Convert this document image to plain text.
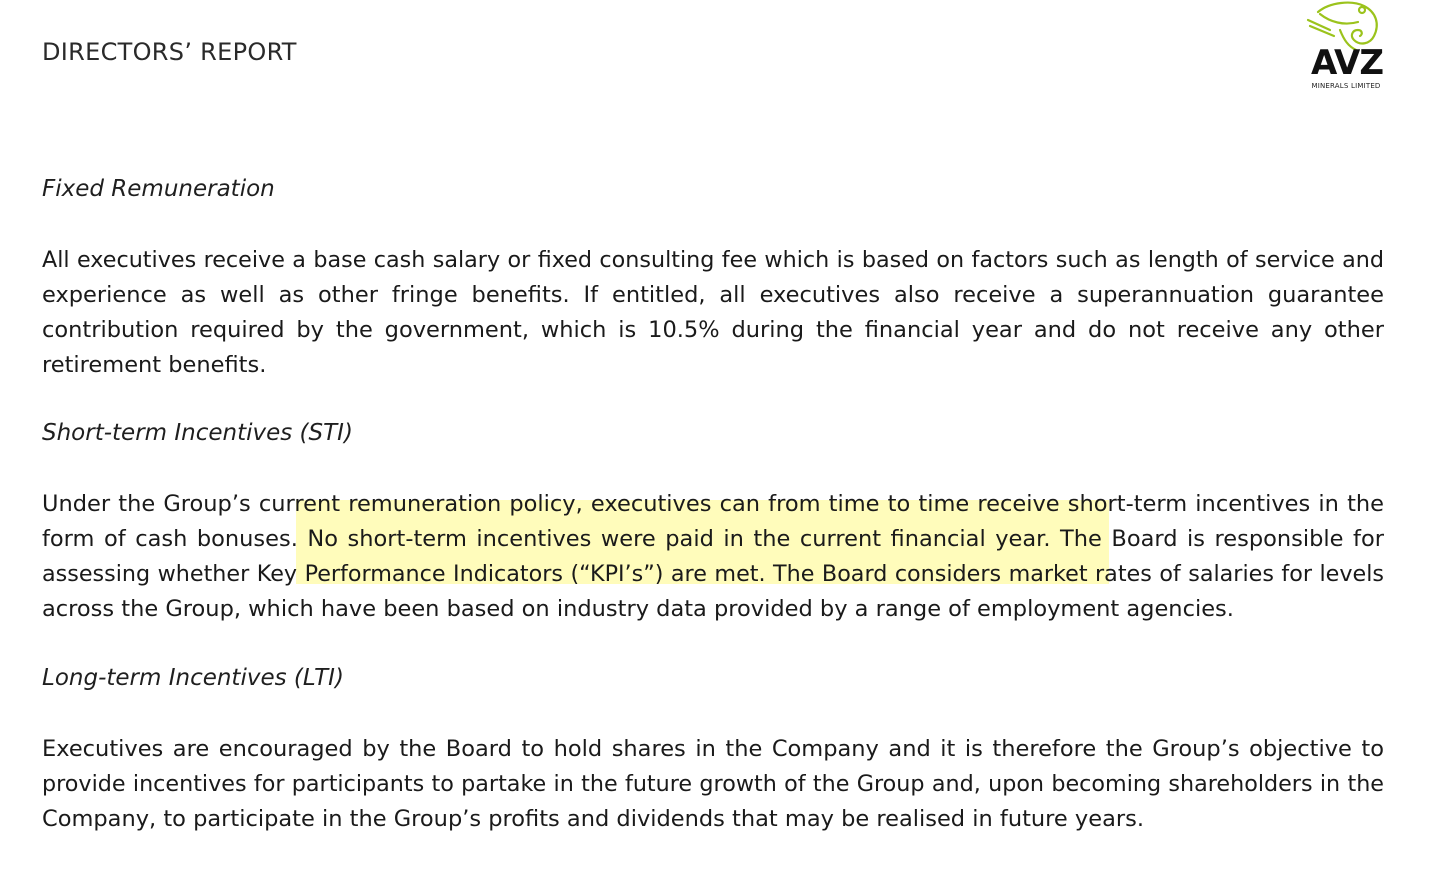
DIRECTORS’ REPORT	AVZ
MINERALS LIMITED
Fixed Remuneration
All executives receive a base cash salary or fixed consulting fee which is based on factors such as length of service and
experience as well as other fringe benefits. If entitled, all executives also receive a superannuation guarantee
contribution required by the government, which is 10.5% during the financial year and do not receive any other
retirement benefits.
Short-term Incentives (STI)
Under the Group’s current remuneration policy, executives can from time to time receive short-term incentives in the
form of cash bonuses. No short-term incentives were paid in the current financial year. The Board is responsible for
assessing whether Key Performance Indicators (“KPI’s”) are met. The Board considers market rates of salaries for levels
across the Group, which have been based on industry data provided by a range of employment agencies.
Long-term Incentives (LTI)
Executives are encouraged by the Board to hold shares in the Company and it is therefore the Group’s objective to
provide incentives for participants to partake in the future growth of the Group and, upon becoming shareholders in the
Company, to participate in the Group’s profits and dividends that may be realised in future years.
